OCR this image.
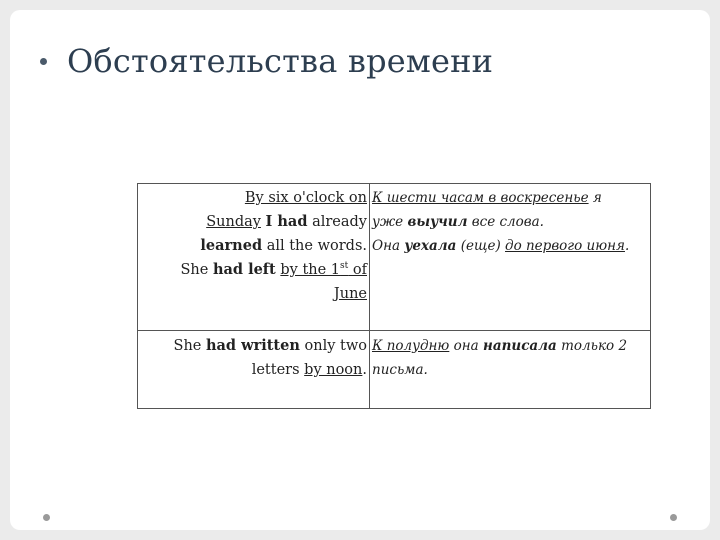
Обстоятельства времени
By six o'clock on
Sunday I had already
learned all the words.
She had left by the 1st of
June	К шести часам в воскресенье я
уже выучил все слова.
Она уехала (еще) до первого июня.

She had written only two
letters by noon.	К полудню она написала только 2
письма.
